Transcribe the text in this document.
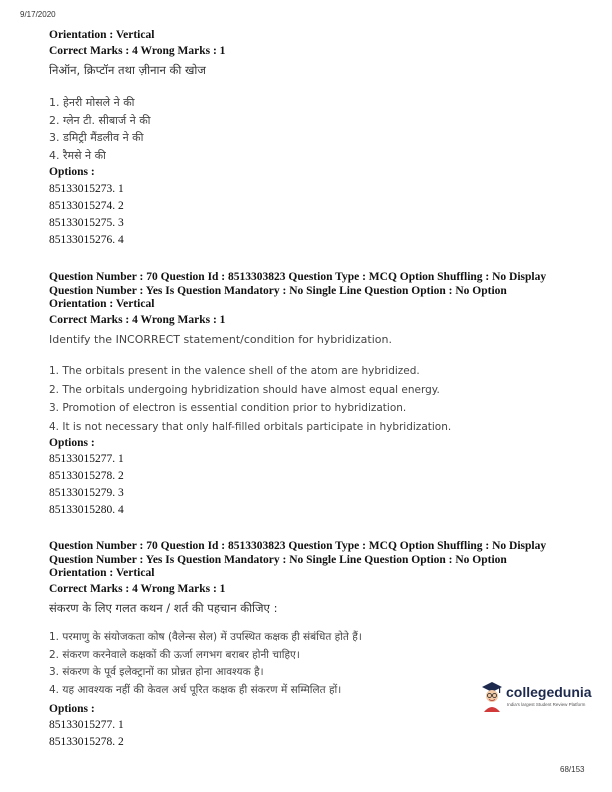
9/17/2020
Orientation : Vertical
Correct Marks : 4 Wrong Marks : 1
निऑन, क्रिप्टॉन तथा ज़ीनान की खोज
1. हेनरी मोसले ने की
2. ग्लेन टी. सीबार्ज ने की
3. डमिट्री मैंडलीव ने की
4. रैमसे ने की
Options :
85133015273. 1
85133015274. 2
85133015275. 3
85133015276. 4
Question Number : 70 Question Id : 8513303823 Question Type : MCQ Option Shuffling : No Display
Question Number : Yes Is Question Mandatory : No Single Line Question Option : No Option
Orientation : Vertical
Correct Marks : 4 Wrong Marks : 1
Identify the INCORRECT statement/condition for hybridization.
1. The orbitals present in the valence shell of the atom are hybridized.
2. The orbitals undergoing hybridization should have almost equal energy.
3. Promotion of electron is essential condition prior to hybridization.
4. It is not necessary that only half-filled orbitals participate in hybridization.
Options :
85133015277. 1
85133015278. 2
85133015279. 3
85133015280. 4
Question Number : 70 Question Id : 8513303823 Question Type : MCQ Option Shuffling : No Display
Question Number : Yes Is Question Mandatory : No Single Line Question Option : No Option
Orientation : Vertical
Correct Marks : 4 Wrong Marks : 1
संकरण के लिए गलत कथन / शर्त की पहचान कीजिए :
1. परमाणु के संयोजकता कोष (वैलेन्स सेल) में उपस्थित कक्षक ही संबंधित होते हैं।
2. संकरण करनेवाले कक्षकों की ऊर्जा लगभग बराबर होनी चाहिए।
3. संकरण के पूर्व इलेक्ट्रानों का प्रोन्नत होना आवश्यक है।
4. यह आवश्यक नहीं की केवल अर्ध पूरित कक्षक ही संकरण में सम्मिलित हों।
Options :
85133015277. 1
85133015278. 2
collegedunia
India's largest Student Review Platform
68/153
